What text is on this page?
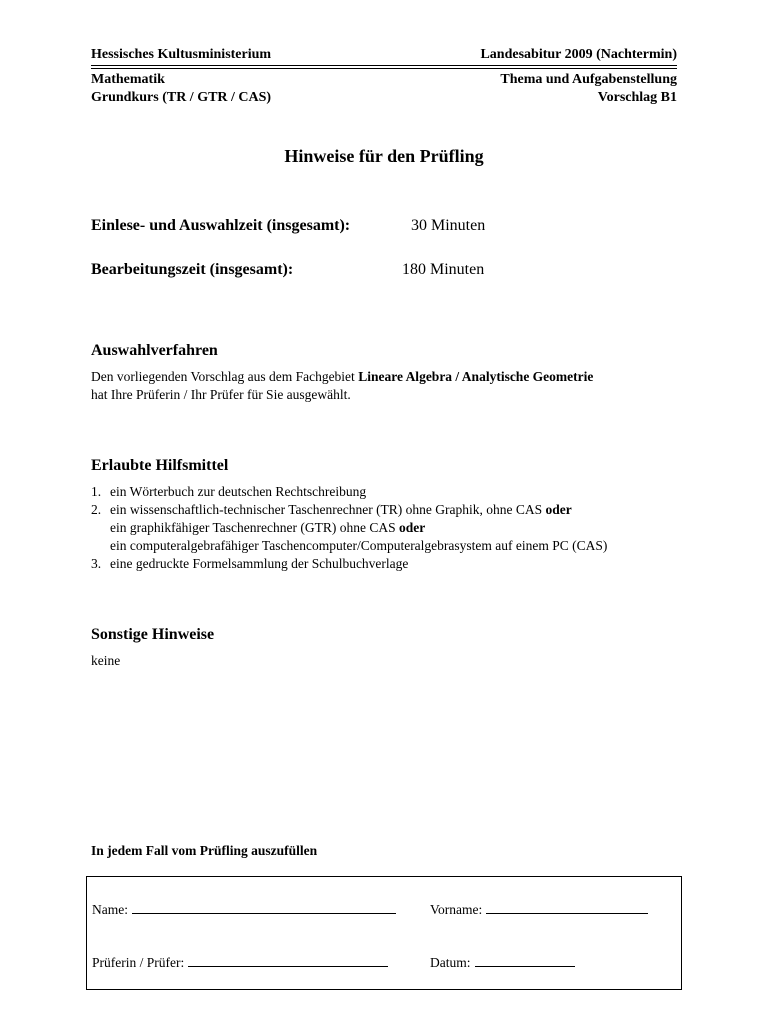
Hessisches Kultusministerium	Landesabitur 2009 (Nachtermin)
Mathematik
Grundkurs (TR / GTR / CAS)
Thema und Aufgabenstellung
Vorschlag B1
Hinweise für den Prüfling
Einlese- und Auswahlzeit (insgesamt):	30 Minuten
Bearbeitungszeit (insgesamt):	180 Minuten
Auswahlverfahren
Den vorliegenden Vorschlag aus dem Fachgebiet Lineare Algebra / Analytische Geometrie
hat Ihre Prüferin / Ihr Prüfer für Sie ausgewählt.
Erlaubte Hilfsmittel
1. ein Wörterbuch zur deutschen Rechtschreibung
2. ein wissenschaftlich-technischer Taschenrechner (TR) ohne Graphik, ohne CAS oder
ein graphikfähiger Taschenrechner (GTR) ohne CAS oder
ein computeralgebrafähiger Taschencomputer/Computeralgebrasystem auf einem PC (CAS)
3. eine gedruckte Formelsammlung der Schulbuchverlage
Sonstige Hinweise
keine
In jedem Fall vom Prüfling auszufüllen
Name:	Vorname:
Prüferin / Prüfer:	Datum:
